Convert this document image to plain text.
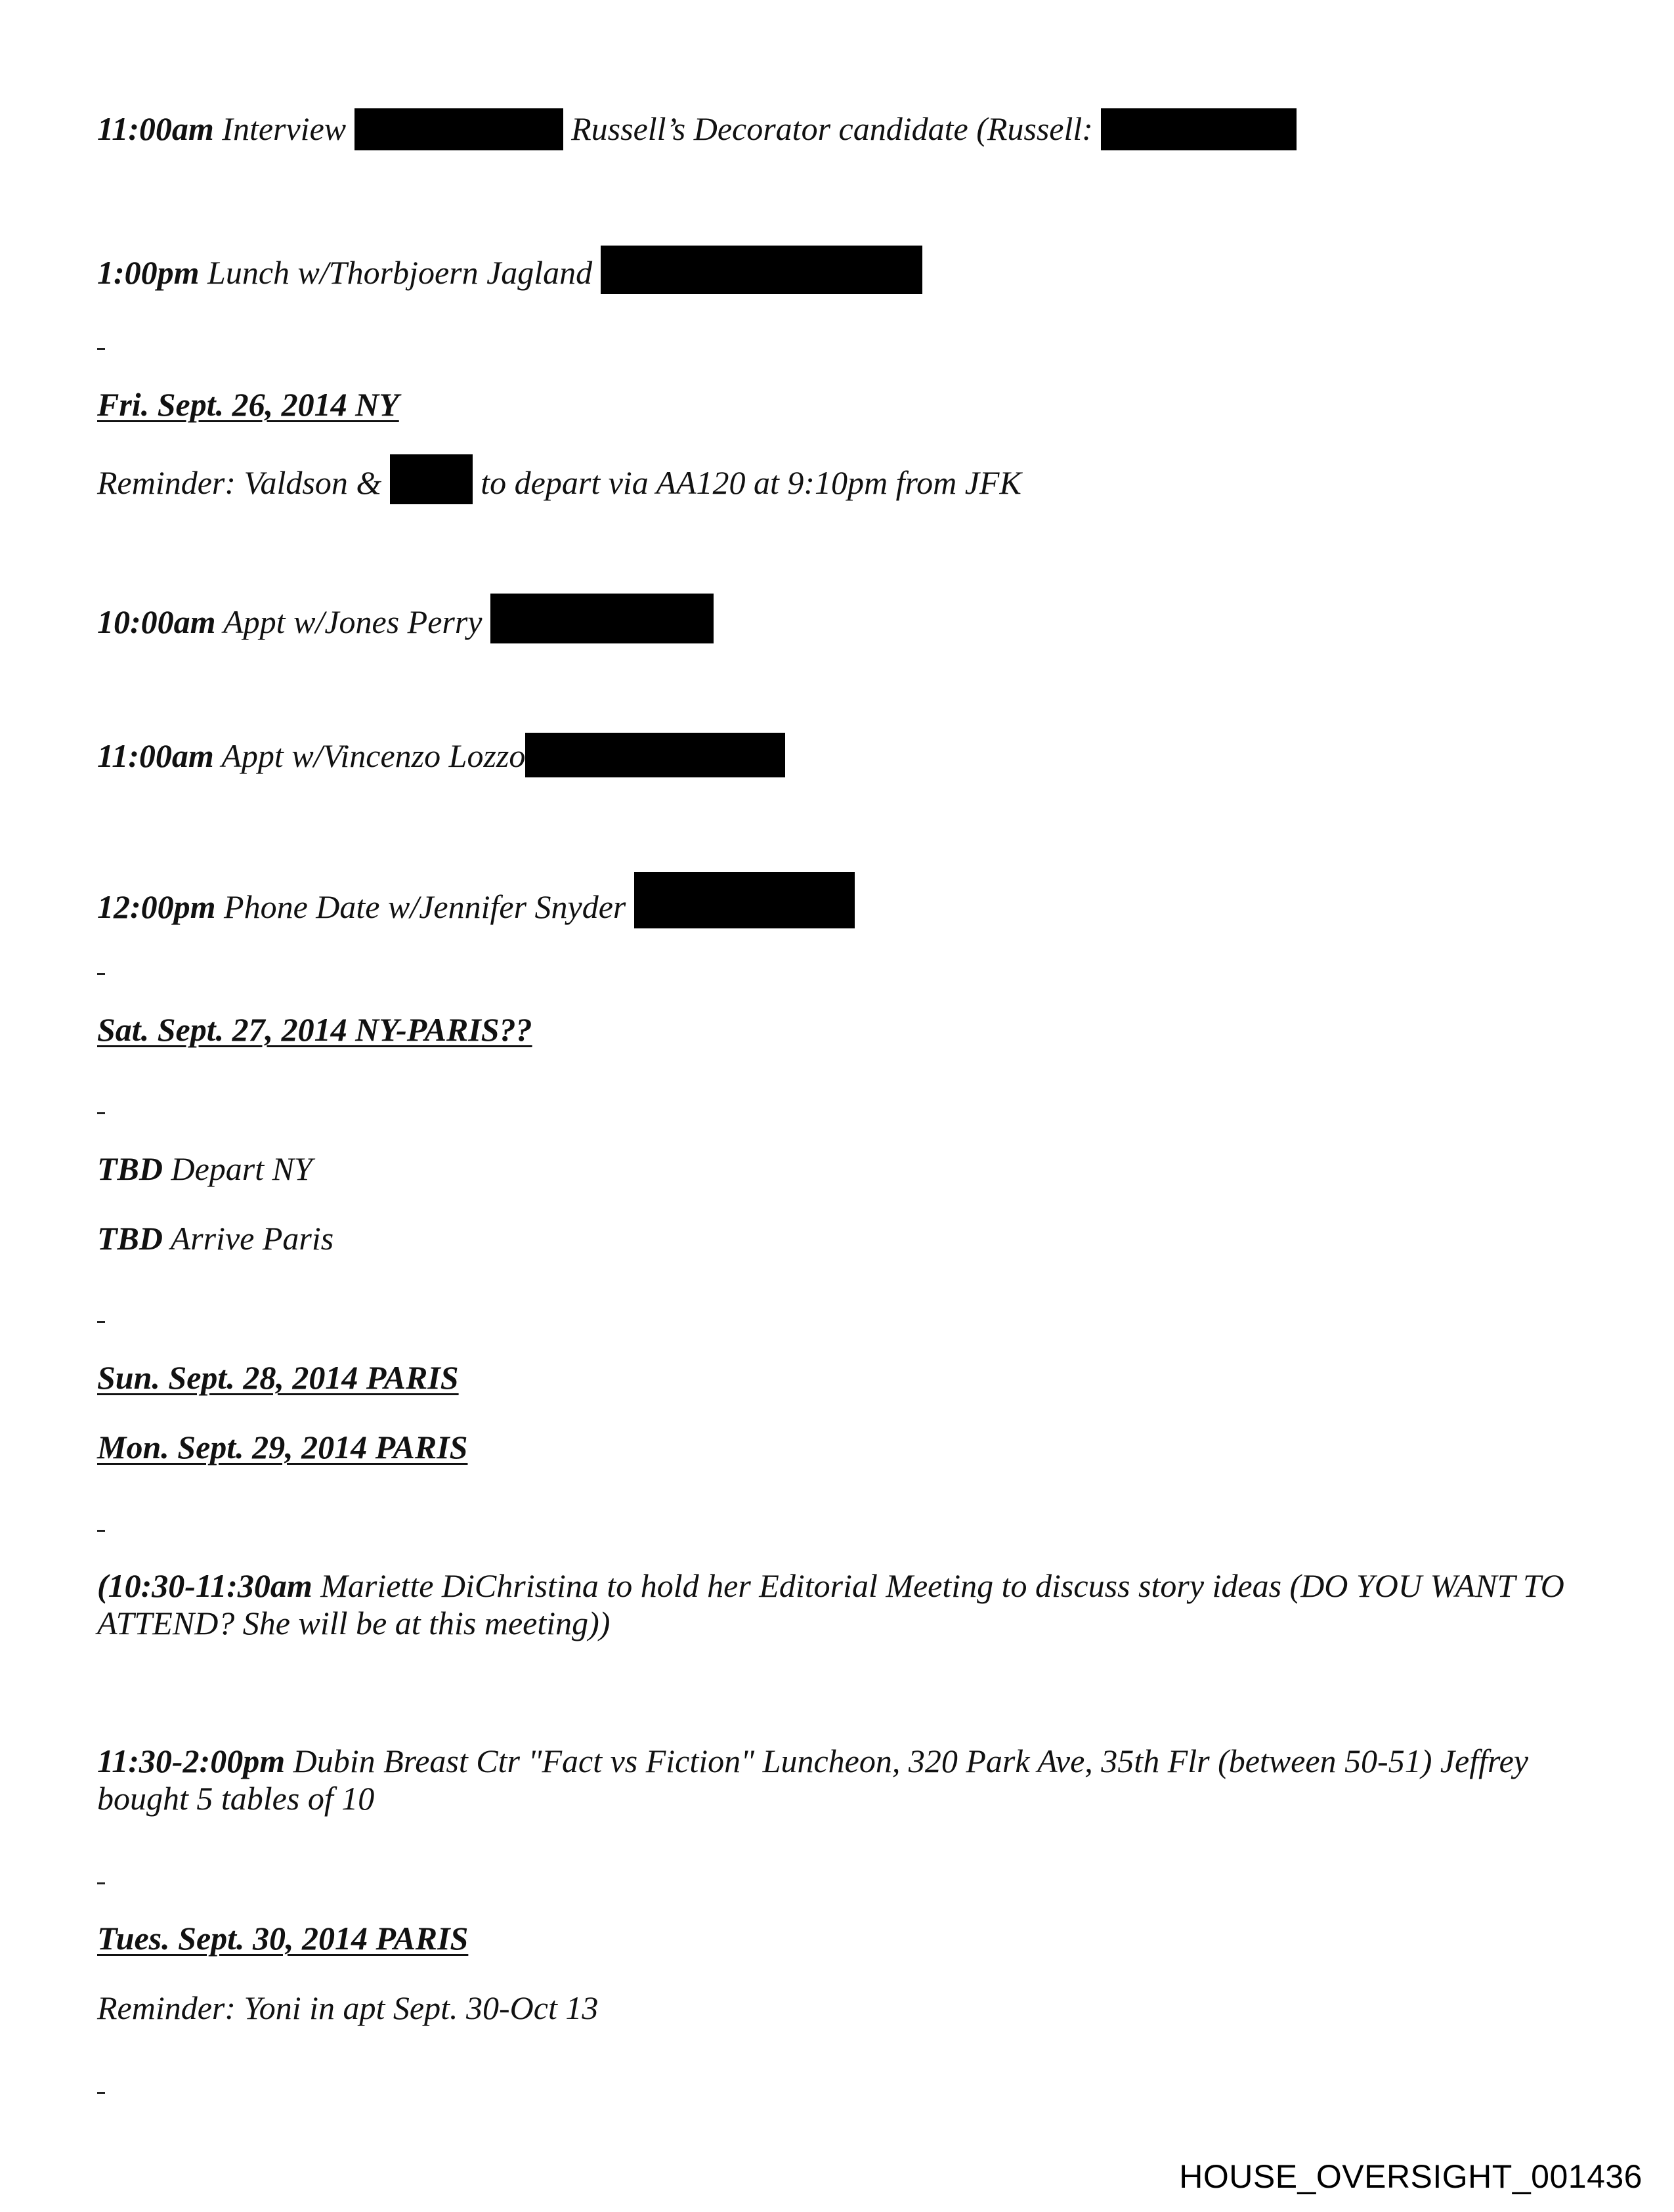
11:00am Interview	Russell’s Decorator candidate (Russell:
1:00pm Lunch w/Thorbjoern Jagland
Fri. Sept. 26, 2014 NY
Reminder: Valdson &	to depart via AA120 at 9:10pm from JFK
10:00am Appt w/Jones Perry
11:00am Appt w/Vincenzo Lozzo
12:00pm Phone Date w/Jennifer Snyder
Sat. Sept. 27, 2014 NY-PARIS??
TBD Depart NY
TBD Arrive Paris
Sun. Sept. 28, 2014 PARIS
Mon. Sept. 29, 2014 PARIS
(10:30-11:30am Mariette DiChristina to hold her Editorial Meeting to discuss story ideas (DO YOU WANT TO ATTEND? She will be at this meeting))
11:30-2:00pm Dubin Breast Ctr "Fact vs Fiction" Luncheon, 320 Park Ave, 35th Flr (between 50-51) Jeffrey bought 5 tables of 10
Tues. Sept. 30, 2014 PARIS
Reminder: Yoni in apt Sept. 30-Oct 13
HOUSE_OVERSIGHT_001436
